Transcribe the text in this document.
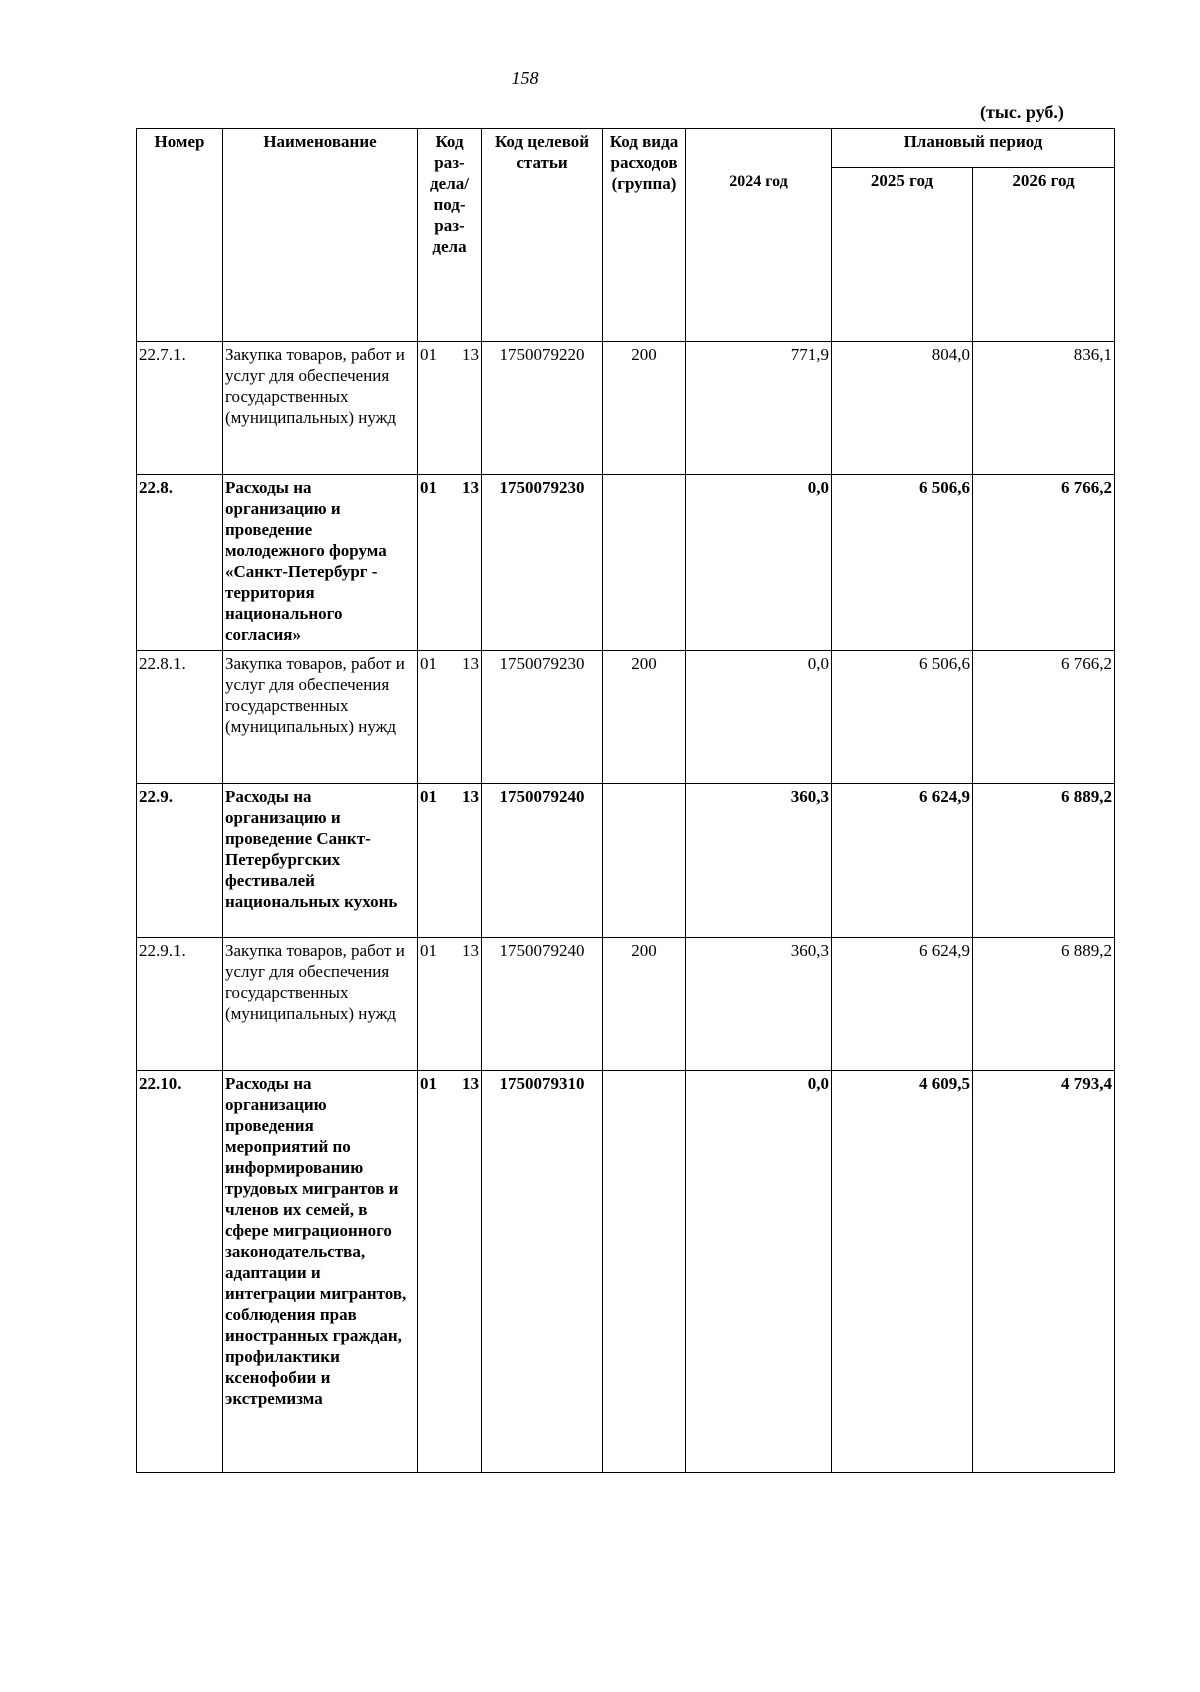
158
(тыс. руб.)
Номер	Наименование	Код раз-дела/ под-раз-дела	Код целевой статьи	Код вида расходов (группа)	2024 год	Плановый период	
						2025 год	2026 год
22.7.1.	Закупка товаров, работ и услуг для обеспечения государственных (муниципальных) нужд	01 13	1750079220	200	771,9	804,0	836,1
22.8.	Расходы на организацию и проведение молодежного форума «Санкт-Петербург - территория национального согласия»	01 13	1750079230		0,0	6 506,6	6 766,2
22.8.1.	Закупка товаров, работ и услуг для обеспечения государственных (муниципальных) нужд	01 13	1750079230	200	0,0	6 506,6	6 766,2
22.9.	Расходы на организацию и проведение Санкт-Петербургских фестивалей национальных кухонь	01 13	1750079240		360,3	6 624,9	6 889,2
22.9.1.	Закупка товаров, работ и услуг для обеспечения государственных (муниципальных) нужд	01 13	1750079240	200	360,3	6 624,9	6 889,2
22.10.	Расходы на организацию проведения мероприятий по информированию трудовых мигрантов и членов их семей, в сфере миграционного законодательства, адаптации и интеграции мигрантов, соблюдения прав иностранных граждан, профилактики ксенофобии и экстремизма	01 13	1750079310		0,0	4 609,5	4 793,4
